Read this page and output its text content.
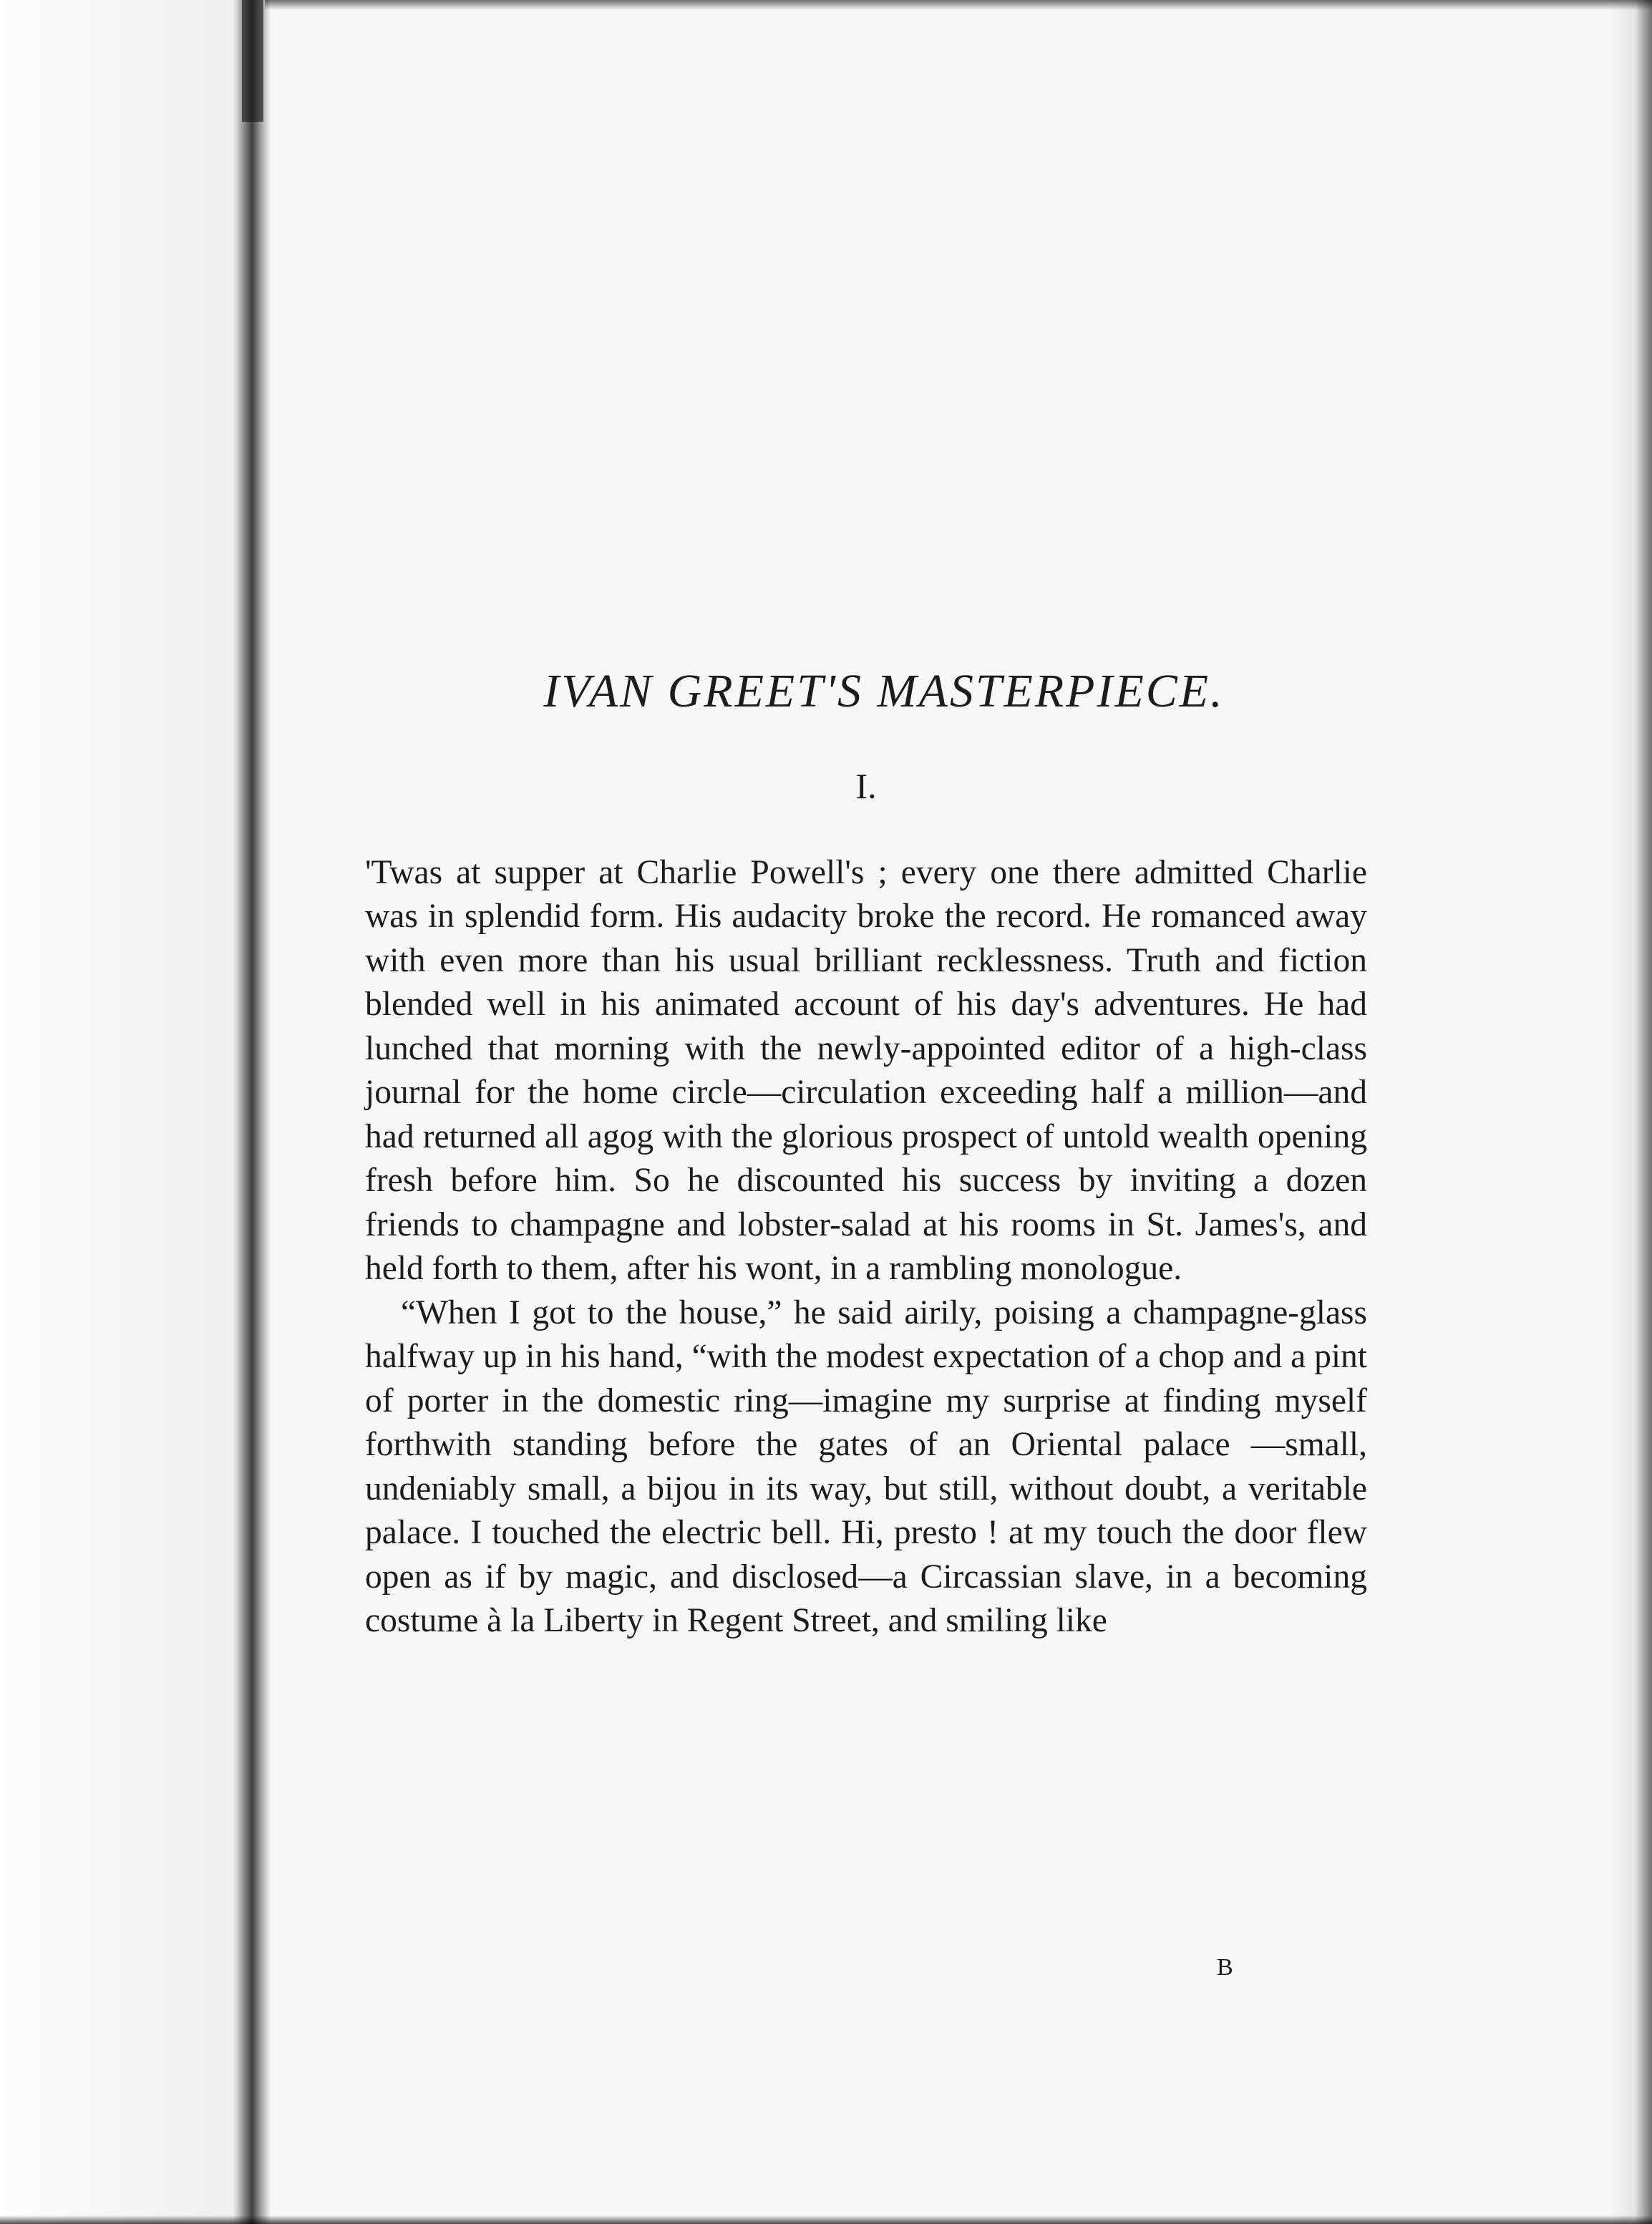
IVAN GREET'S MASTERPIECE.
I.

'Twas at supper at Charlie Powell's ; every one there admitted Charlie was in splendid form. His audacity broke the record. He romanced away with even more than his usual brilliant recklessness. Truth and fiction blended well in his animated account of his day's adventures. He had lunched that morning with the newly-appointed editor of a high-class journal for the home circle—circulation exceeding half a million—and had returned all agog with the glorious prospect of untold wealth opening fresh before him. So he discounted his success by inviting a dozen friends to champagne and lobster-salad at his rooms in St. James's, and held forth to them, after his wont, in a rambling monologue.

“When I got to the house,” he said airily, poising a champagne-glass halfway up in his hand, “with the modest expectation of a chop and a pint of porter in the domestic ring—imagine my surprise at finding myself forthwith standing before the gates of an Oriental palace —small, undeniably small, a bijou in its way, but still, without doubt, a veritable palace. I touched the electric bell. Hi, presto ! at my touch the door flew open as if by magic, and disclosed—a Circassian slave, in a becoming costume à la Liberty in Regent Street, and smiling like

B
